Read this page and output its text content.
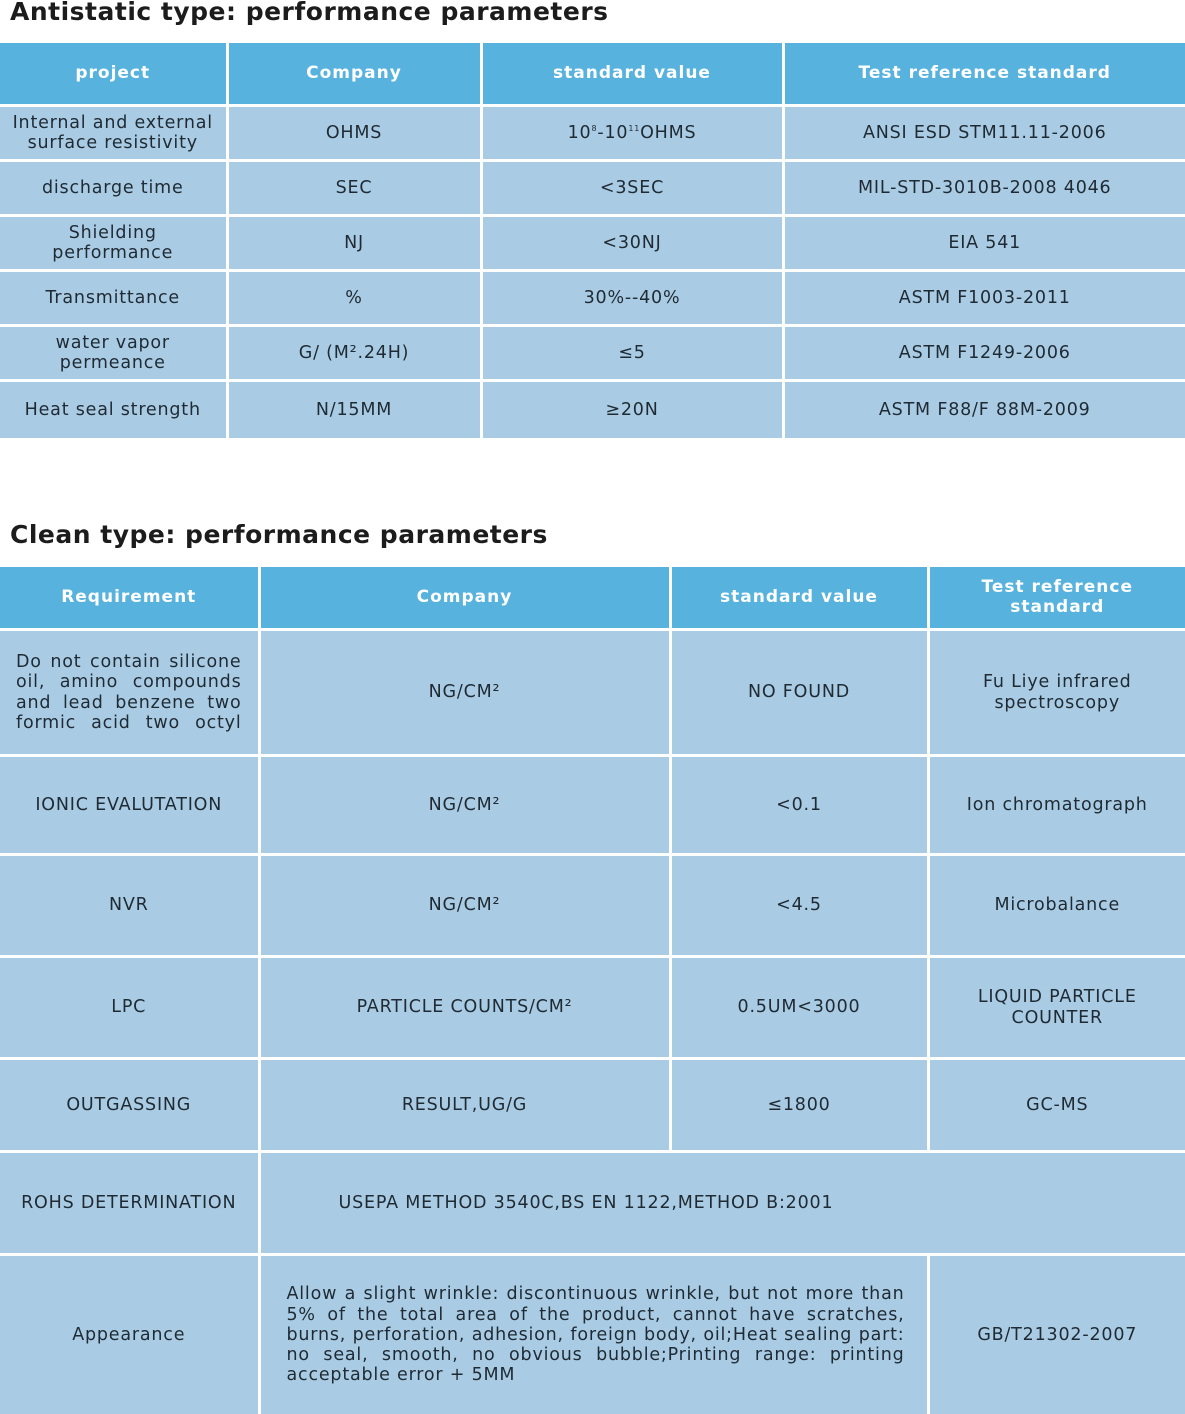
Antistatic type: performance parameters
project	Company	standard value	Test reference standard
Internal and external surface resistivity	OHMS	$10^8-10^{11}OHMS$	ANSI ESD STM11.11-2006
discharge time	SEC	<3SEC	MIL-STD-3010B-2008 4046
Shielding performance	NJ	<30NJ	EIA 541
Transmittance	%	30%--40%	ASTM F1003-2011
water vapor permeance	G/ (M².24H)	≤5	ASTM F1249-2006
Heat seal strength	N/15MM	≥20N	ASTM F88/F 88M-2009
Clean type: performance parameters
Requirement	Company	standard value	Test reference standard
Do not contain silicone oil, amino compounds and lead benzene two formic acid two octyl	NG/CM²	NO FOUND	Fu Liye infrared spectroscopy
IONIC EVALUTATION	NG/CM²	<0.1	Ion chromatograph
NVR	NG/CM²	<4.5	Microbalance
LPC	PARTICLE COUNTS/CM²	0.5UM<3000	LIQUID PARTICLE COUNTER
OUTGASSING	RESULT,UG/G	≤1800	GC-MS
ROHS DETERMINATION	USEPA METHOD 3540C,BS EN 1122,METHOD B:2001		
Appearance	Allow a slight wrinkle: discontinuous wrinkle, but not more than 5% of the total area of the product, cannot have scratches, burns, perforation, adhesion, foreign body, oil;Heat sealing part: no seal, smooth, no obvious bubble;Printing range: printing acceptable error + 5MM		GB/T21302-2007
